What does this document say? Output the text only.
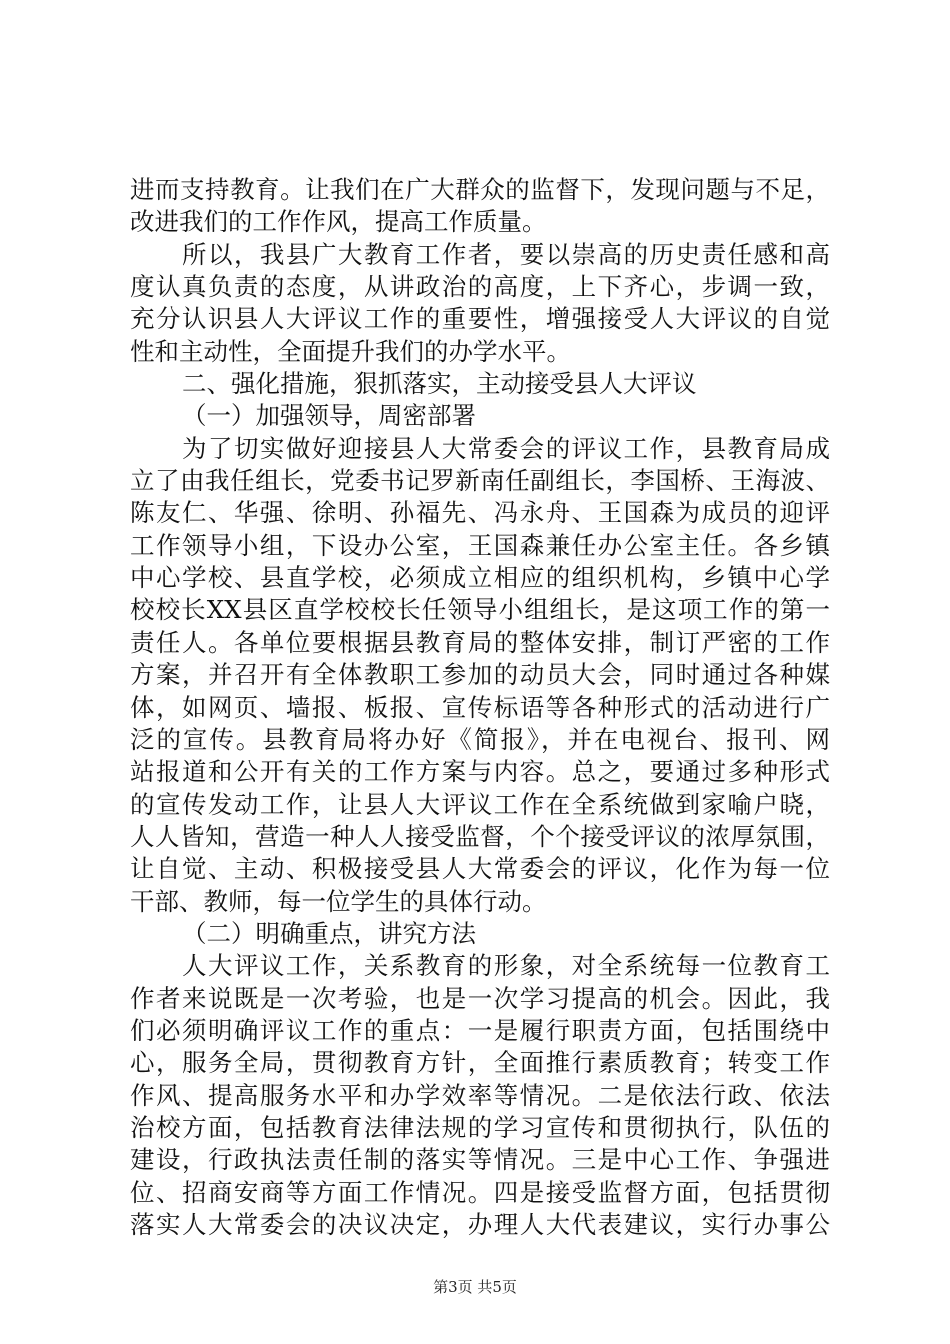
进而支持教育。让我们在广大群众的监督下，发现问题与不足，
改进我们的工作作风，提高工作质量。
所以，我县广大教育工作者，要以崇高的历史责任感和高
度认真负责的态度，从讲政治的高度，上下齐心，步调一致，
充分认识县人大评议工作的重要性，增强接受人大评议的自觉
性和主动性，全面提升我们的办学水平。
二、强化措施，狠抓落实，主动接受县人大评议
（一）加强领导，周密部署
为了切实做好迎接县人大常委会的评议工作，县教育局成
立了由我任组长，党委书记罗新南任副组长，李国桥、王海波、
陈友仁、华强、徐明、孙福先、冯永舟、王国森为成员的迎评
工作领导小组，下设办公室，王国森兼任办公室主任。各乡镇
中心学校、县直学校，必须成立相应的组织机构，乡镇中心学
校校长XX县区直学校校长任领导小组组长，是这项工作的第一
责任人。各单位要根据县教育局的整体安排，制订严密的工作
方案，并召开有全体教职工参加的动员大会，同时通过各种媒
体，如网页、墙报、板报、宣传标语等各种形式的活动进行广
泛的宣传。县教育局将办好《简报》，并在电视台、报刊、网
站报道和公开有关的工作方案与内容。总之，要通过多种形式
的宣传发动工作，让县人大评议工作在全系统做到家喻户晓，
人人皆知，营造一种人人接受监督，个个接受评议的浓厚氛围，
让自觉、主动、积极接受县人大常委会的评议，化作为每一位
干部、教师，每一位学生的具体行动。
（二）明确重点，讲究方法
人大评议工作，关系教育的形象，对全系统每一位教育工
作者来说既是一次考验，也是一次学习提高的机会。因此，我
们必须明确评议工作的重点：一是履行职责方面，包括围绕中
心，服务全局，贯彻教育方针，全面推行素质教育；转变工作
作风、提高服务水平和办学效率等情况。二是依法行政、依法
治校方面，包括教育法律法规的学习宣传和贯彻执行，队伍的
建设，行政执法责任制的落实等情况。三是中心工作、争强进
位、招商安商等方面工作情况。四是接受监督方面，包括贯彻
落实人大常委会的决议决定，办理人大代表建议，实行办事公
第3页 共5页
